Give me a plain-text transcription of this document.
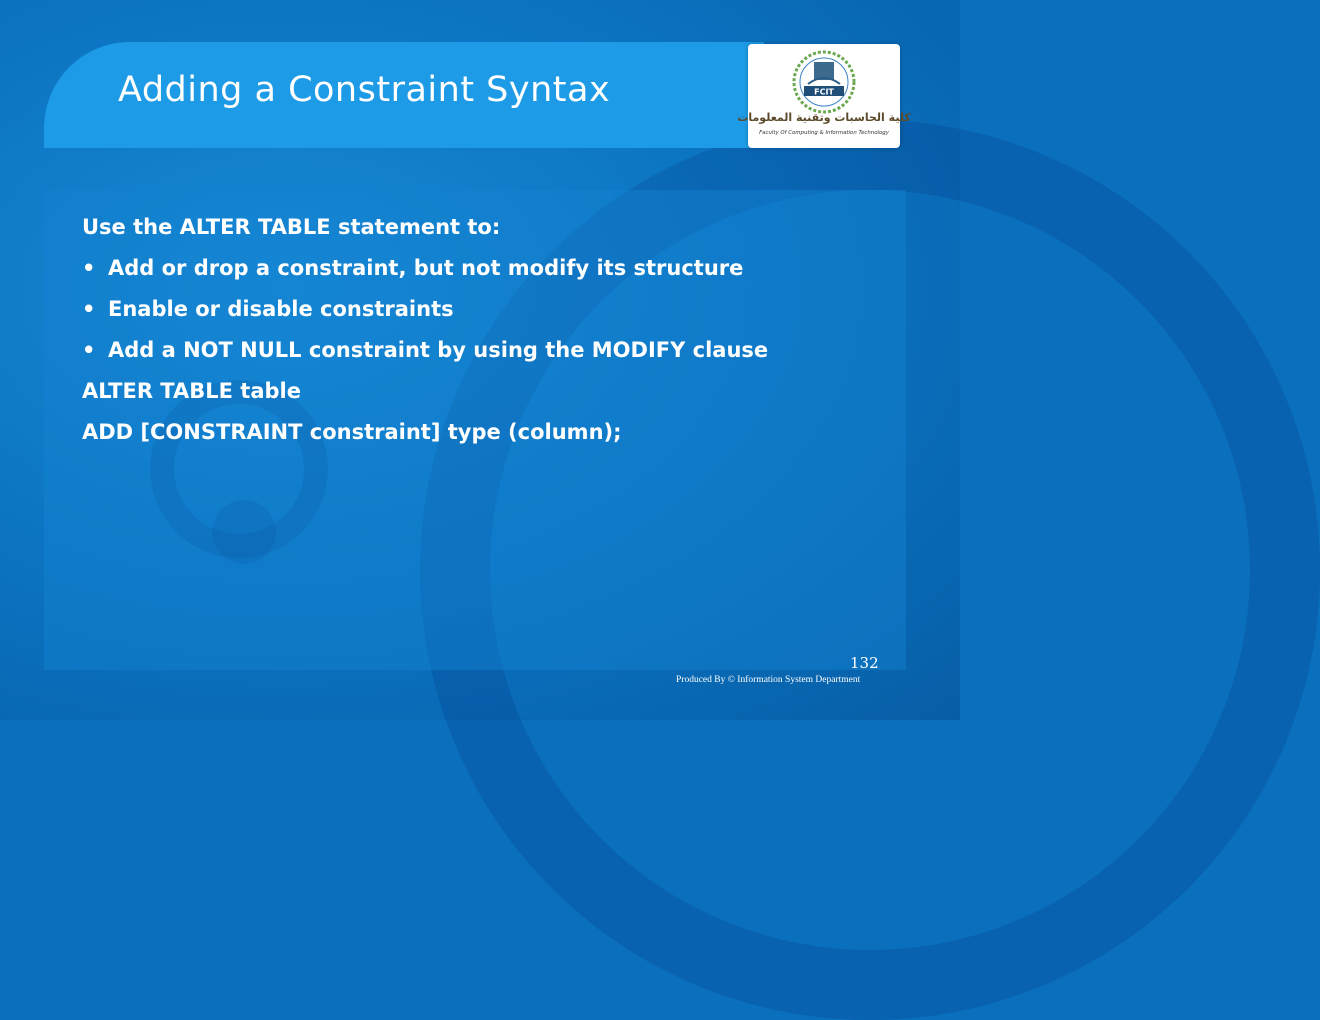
Adding a Constraint Syntax	FCIT
كلية الحاسبات وتقنية المعلومات
Faculty Of Computing & Information Technology
Use the ALTER TABLE statement to:
• Add or drop a constraint, but not modify its structure
• Enable or disable constraints
• Add a NOT NULL constraint by using the MODIFY clause
ALTER TABLE table
ADD [CONSTRAINT constraint] type (column);
132
Produced By © Information System Department
